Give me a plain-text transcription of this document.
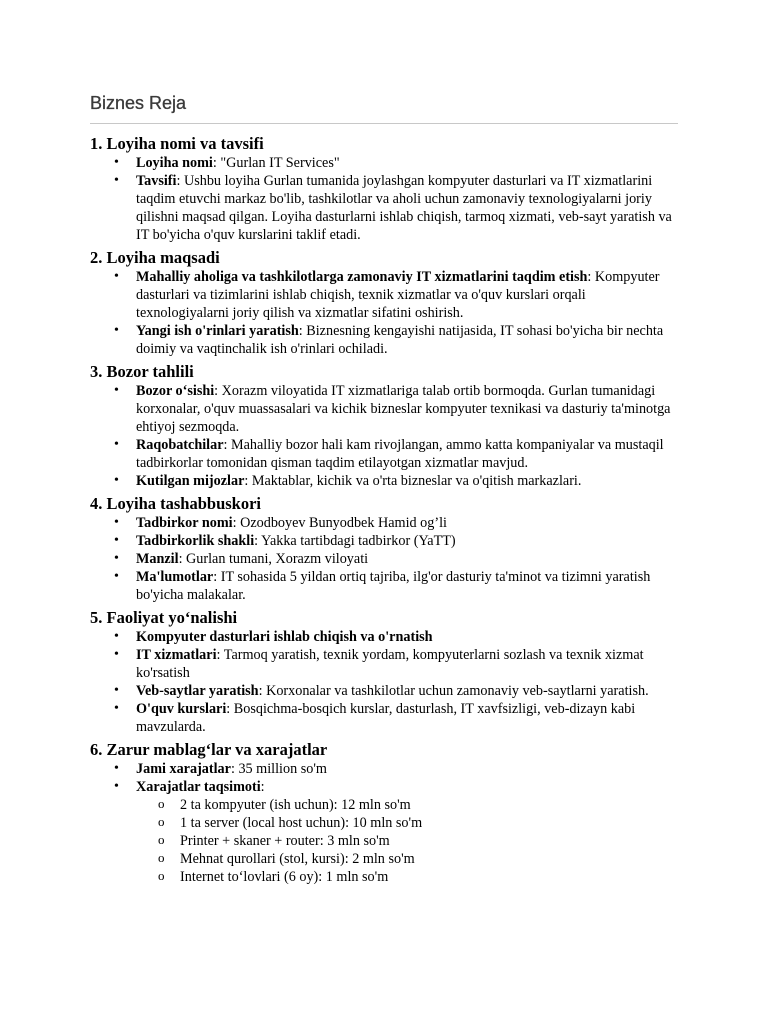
Biznes Reja
1. Loyiha nomi va tavsifi
• Loyiha nomi: "Gurlan IT Services"
• Tavsifi: Ushbu loyiha Gurlan tumanida joylashgan kompyuter dasturlari va IT xizmatlarini taqdim etuvchi markaz bo'lib, tashkilotlar va aholi uchun zamonaviy texnologiyalarni joriy qilishni maqsad qilgan. Loyiha dasturlarni ishlab chiqish, tarmoq xizmati, veb-sayt yaratish va IT bo'yicha o'quv kurslarini taklif etadi.
2. Loyiha maqsadi
• Mahalliy aholiga va tashkilotlarga zamonaviy IT xizmatlarini taqdim etish: Kompyuter dasturlari va tizimlarini ishlab chiqish, texnik xizmatlar va o'quv kurslari orqali texnologiyalarni joriy qilish va xizmatlar sifatini oshirish.
• Yangi ish o'rinlari yaratish: Biznesning kengayishi natijasida, IT sohasi bo'yicha bir nechta doimiy va vaqtinchalik ish o'rinlari ochiladi.
3. Bozor tahlili
• Bozor o‘sishi: Xorazm viloyatida IT xizmatlariga talab ortib bormoqda. Gurlan tumanidagi korxonalar, o'quv muassasalari va kichik bizneslar kompyuter texnikasi va dasturiy ta'minotga ehtiyoj sezmoqda.
• Raqobatchilar: Mahalliy bozor hali kam rivojlangan, ammo katta kompaniyalar va mustaqil tadbirkorlar tomonidan qisman taqdim etilayotgan xizmatlar mavjud.
• Kutilgan mijozlar: Maktablar, kichik va o'rta bizneslar va o'qitish markazlari.
4. Loyiha tashabbuskori
• Tadbirkor nomi: Ozodboyev Bunyodbek Hamid og’li
• Tadbirkorlik shakli: Yakka tartibdagi tadbirkor (YaTT)
• Manzil: Gurlan tumani, Xorazm viloyati
• Ma'lumotlar: IT sohasida 5 yildan ortiq tajriba, ilg'or dasturiy ta'minot va tizimni yaratish bo'yicha malakalar.
5. Faoliyat yo‘nalishi
• Kompyuter dasturlari ishlab chiqish va o'rnatish
• IT xizmatlari: Tarmoq yaratish, texnik yordam, kompyuterlarni sozlash va texnik xizmat ko'rsatish
• Veb-saytlar yaratish: Korxonalar va tashkilotlar uchun zamonaviy veb-saytlarni yaratish.
• O'quv kurslari: Bosqichma-bosqich kurslar, dasturlash, IT xavfsizligi, veb-dizayn kabi mavzularda.
6. Zarur mablag‘lar va xarajatlar
• Jami xarajatlar: 35 million so'm
• Xarajatlar taqsimoti:
o 2 ta kompyuter (ish uchun): 12 mln so'm
o 1 ta server (local host uchun): 10 mln so'm
o Printer + skaner + router: 3 mln so'm
o Mehnat qurollari (stol, kursi): 2 mln so'm
o Internet to‘lovlari (6 oy): 1 mln so'm
